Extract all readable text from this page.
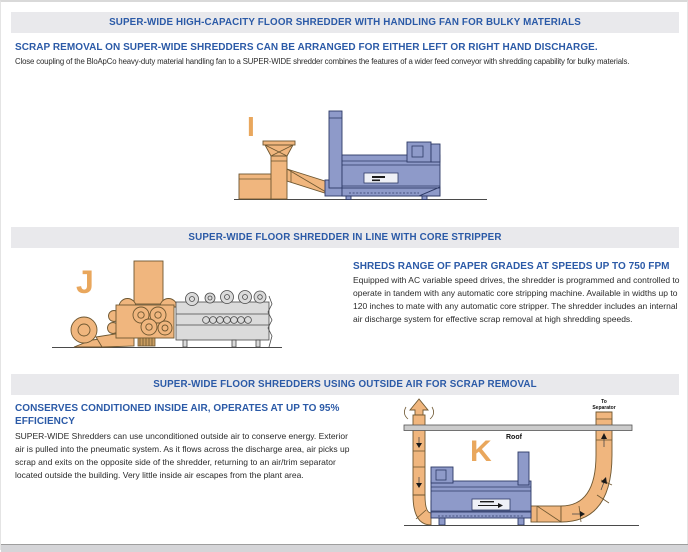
SUPER-WIDE HIGH-CAPACITY FLOOR SHREDDER WITH HANDLING FAN FOR BULKY MATERIALS
SCRAP REMOVAL ON SUPER-WIDE SHREDDERS CAN BE ARRANGED FOR EITHER LEFT OR RIGHT HAND DISCHARGE.
Close coupling of the BloApCo heavy-duty material handling fan to a SUPER-WIDE shredder combines the features of a wider feed conveyor with shredding capability for bulky materials.
I
SUPER-WIDE FLOOR SHREDDER IN LINE WITH CORE STRIPPER
J	SHREDS RANGE OF PAPER GRADES AT SPEEDS UP TO 750 FPM
Equipped with AC variable speed drives, the shredder is programmed and controlled to operate in tandem with any automatic core stripping machine. Available in widths up to 120 inches to mate with any automatic core stripper. The shredder includes an internal air discharge system for effective scrap removal at high shredding speeds.
SUPER-WIDE FLOOR SHREDDERS USING OUTSIDE AIR FOR SCRAP REMOVAL
CONSERVES CONDITIONED INSIDE AIR, OPERATES AT UP TO 95% EFFICIENCY
SUPER-WIDE Shredders can use unconditioned outside air to conserve energy. Exterior air is pulled into the pneumatic system. As it flows across the discharge area, air picks up scrap and exits on the opposite side of the shredder, returning to an air/trim separator located outside the building. Very little inside air escapes from the plant area.
Roof
K
To
Separator
